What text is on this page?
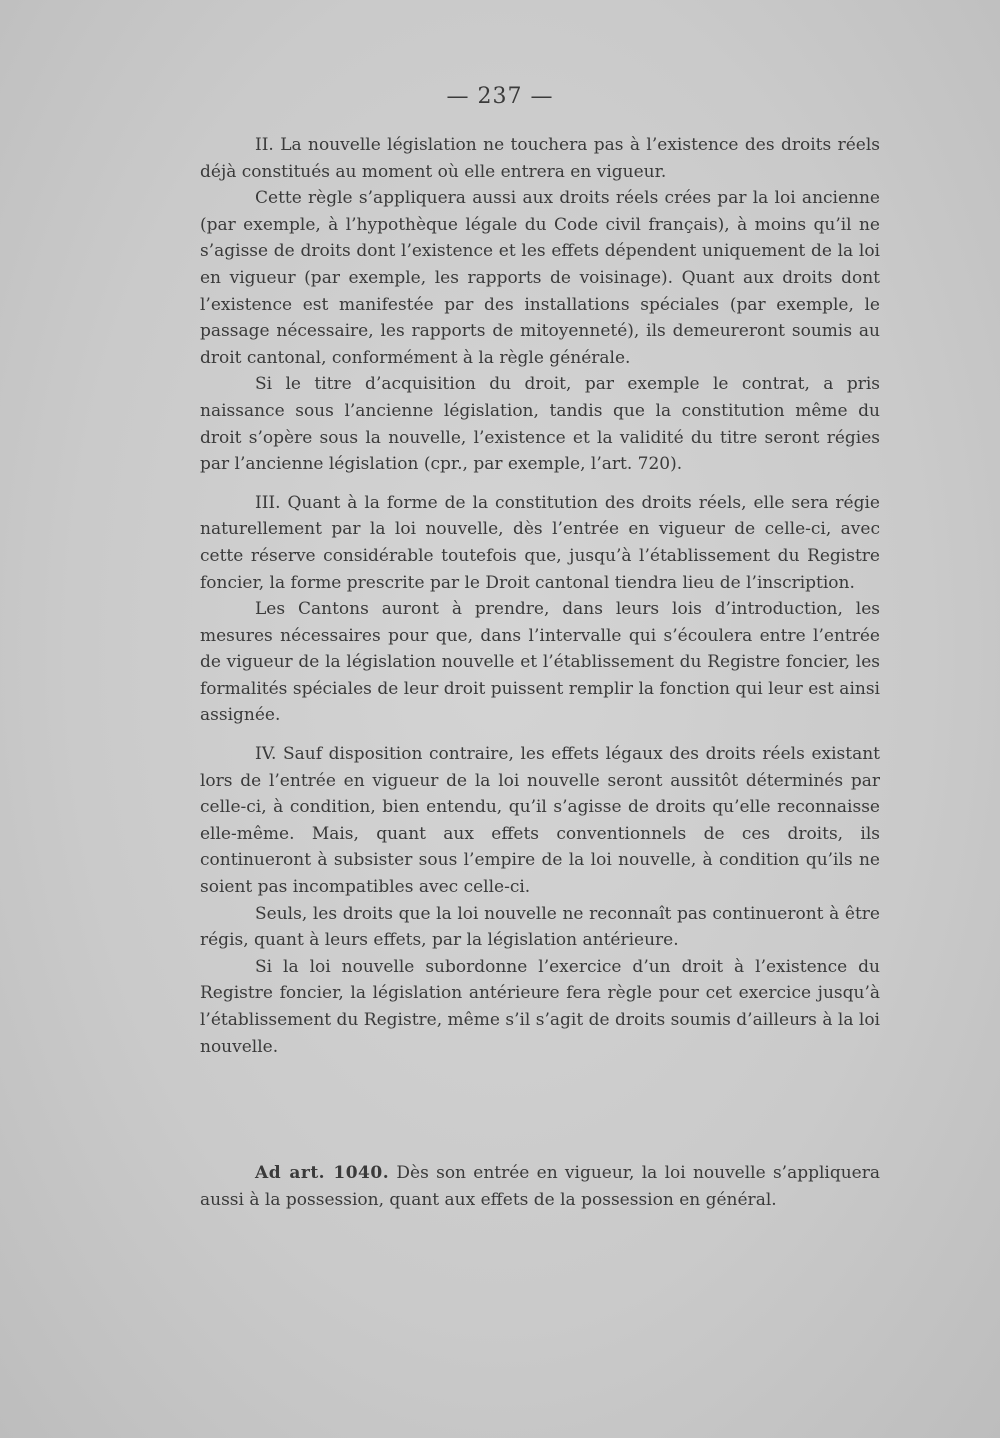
— 237 —

II. La nouvelle législation ne touchera pas à l’existence des droits réels déjà constitués au moment où elle entrera en vigueur.

Cette règle s’appliquera aussi aux droits réels crées par la loi ancienne (par exemple, à l’hypothèque légale du Code civil français), à moins qu’il ne s’agisse de droits dont l’existence et les effets dépendent uniquement de la loi en vigueur (par exemple, les rapports de voisinage). Quant aux droits dont l’existence est manifestée par des installations spéciales (par exemple, le passage nécessaire, les rapports de mitoyenneté), ils demeureront soumis au droit cantonal, conformément à la règle générale.

Si le titre d’acquisition du droit, par exemple le contrat, a pris naissance sous l’ancienne législation, tandis que la constitution même du droit s’opère sous la nouvelle, l’existence et la validité du titre seront régies par l’ancienne législation (cpr., par exemple, l’art. 720).

III. Quant à la forme de la constitution des droits réels, elle sera régie naturellement par la loi nouvelle, dès l’entrée en vigueur de celle-ci, avec cette réserve considérable toutefois que, jusqu’à l’établissement du Registre foncier, la forme prescrite par le Droit cantonal tiendra lieu de l’inscription.

Les Cantons auront à prendre, dans leurs lois d’introduction, les mesures nécessaires pour que, dans l’intervalle qui s’écoulera entre l’entrée de vigueur de la législation nouvelle et l’établissement du Registre foncier, les formalités spéciales de leur droit puissent remplir la fonction qui leur est ainsi assignée.

IV. Sauf disposition contraire, les effets légaux des droits réels existant lors de l’entrée en vigueur de la loi nouvelle seront aussitôt déterminés par celle-ci, à condition, bien entendu, qu’il s’agisse de droits qu’elle reconnaisse elle-même. Mais, quant aux effets conventionnels de ces droits, ils continueront à subsister sous l’empire de la loi nouvelle, à condition qu’ils ne soient pas incompatibles avec celle-ci.

Seuls, les droits que la loi nouvelle ne reconnaît pas continueront à être régis, quant à leurs effets, par la législation antérieure.

Si la loi nouvelle subordonne l’exercice d’un droit à l’existence du Registre foncier, la législation antérieure fera règle pour cet exercice jusqu’à l’établissement du Registre, même s’il s’agit de droits soumis d’ailleurs à la loi nouvelle.

Ad art. 1040. Dès son entrée en vigueur, la loi nouvelle s’appliquera aussi à la possession, quant aux effets de la possession en général.
